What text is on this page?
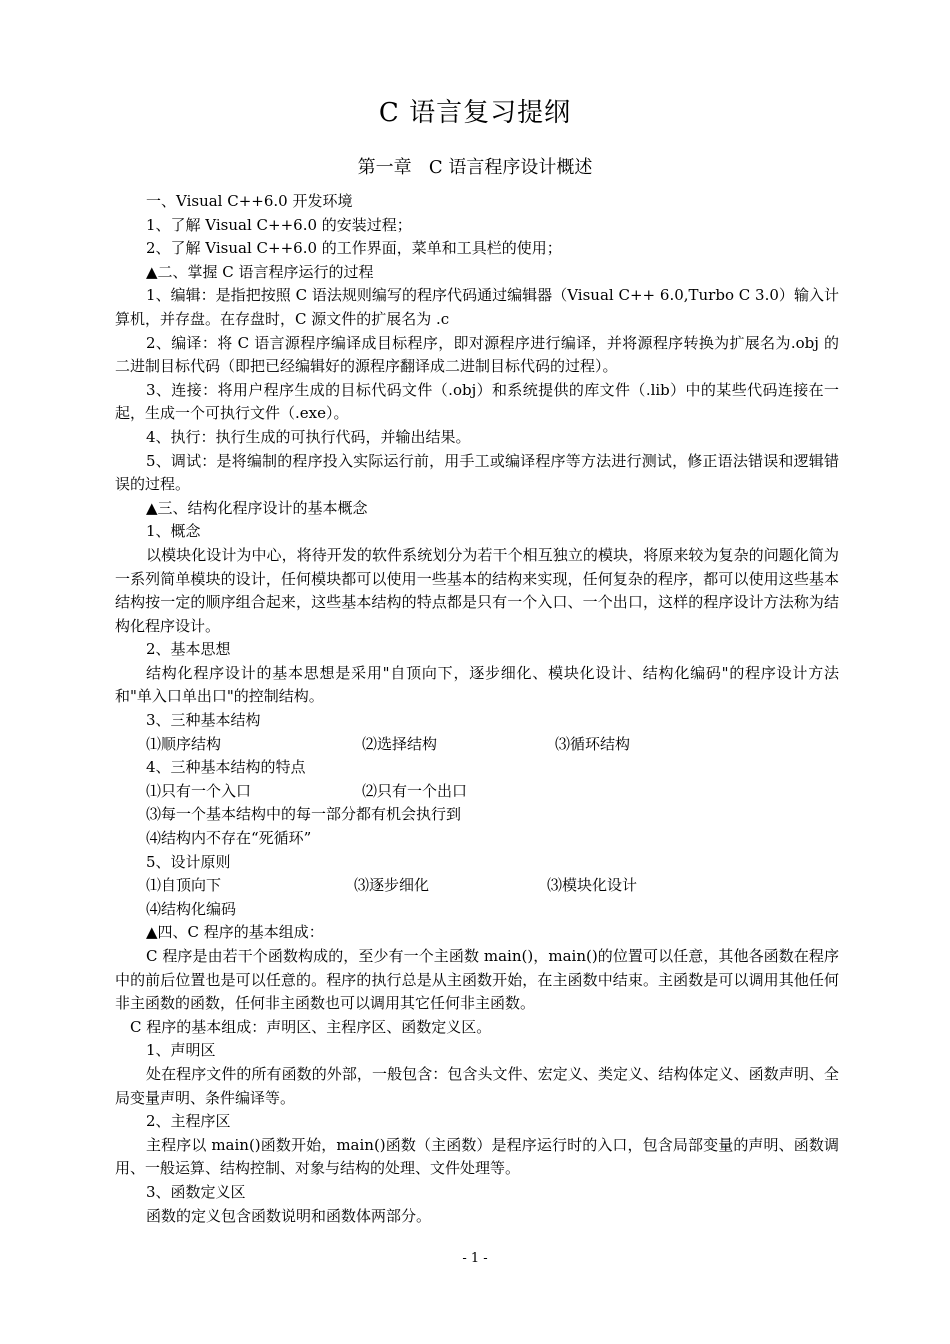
C 语言复习提纲
第一章   C 语言程序设计概述

一、Visual C++6.0 开发环境

1、了解 Visual C++6.0 的安装过程；

2、了解 Visual C++6.0 的工作界面，菜单和工具栏的使用；

▲二、掌握 C 语言程序运行的过程

1、编辑：是指把按照 C 语法规则编写的程序代码通过编辑器（Visual C++ 6.0,Turbo C 3.0）输入计算机，并存盘。在存盘时，C 源文件的扩展名为 .c

2、编译：将 C 语言源程序编译成目标程序，即对源程序进行编译，并将源程序转换为扩展名为.obj 的二进制目标代码（即把已经编辑好的源程序翻译成二进制目标代码的过程）。

3、连接：将用户程序生成的目标代码文件（.obj）和系统提供的库文件（.lib）中的某些代码连接在一起，生成一个可执行文件（.exe）。

4、执行：执行生成的可执行代码，并输出结果。

5、调试：是将编制的程序投入实际运行前，用手工或编译程序等方法进行测试，修正语法错误和逻辑错误的过程。

▲三、结构化程序设计的基本概念

1、概念

以模块化设计为中心，将待开发的软件系统划分为若干个相互独立的模块，将原来较为复杂的问题化简为一系列简单模块的设计，任何模块都可以使用一些基本的结构来实现，任何复杂的程序，都可以使用这些基本结构按一定的顺序组合起来，这些基本结构的特点都是只有一个入口、一个出口，这样的程序设计方法称为结构化程序设计。

2、基本思想

结构化程序设计的基本思想是采用"自顶向下，逐步细化、模块化设计、结构化编码"的程序设计方法和"单入口单出口"的控制结构。

3、三种基本结构

⑴顺序结构	⑵选择结构	⑶循环结构

4、三种基本结构的特点

⑴只有一个入口	⑵只有一个出口

⑶每一个基本结构中的每一部分都有机会执行到

⑷结构内不存在“死循环”

5、设计原则

⑴自顶向下	⑶逐步细化	⑶模块化设计

⑷结构化编码

▲四、C 程序的基本组成：

C 程序是由若干个函数构成的，至少有一个主函数 main()，main()的位置可以任意，其他各函数在程序中的前后位置也是可以任意的。程序的执行总是从主函数开始，在主函数中结束。主函数是可以调用其他任何非主函数的函数，任何非主函数也可以调用其它任何非主函数。

C 程序的基本组成：声明区、主程序区、函数定义区。

1、声明区

处在程序文件的所有函数的外部，一般包含：包含头文件、宏定义、类定义、结构体定义、函数声明、全局变量声明、条件编译等。

2、主程序区

主程序以 main()函数开始，main()函数（主函数）是程序运行时的入口，包含局部变量的声明、函数调用、一般运算、结构控制、对象与结构的处理、文件处理等。

3、函数定义区

函数的定义包含函数说明和函数体两部分。

- 1 -
